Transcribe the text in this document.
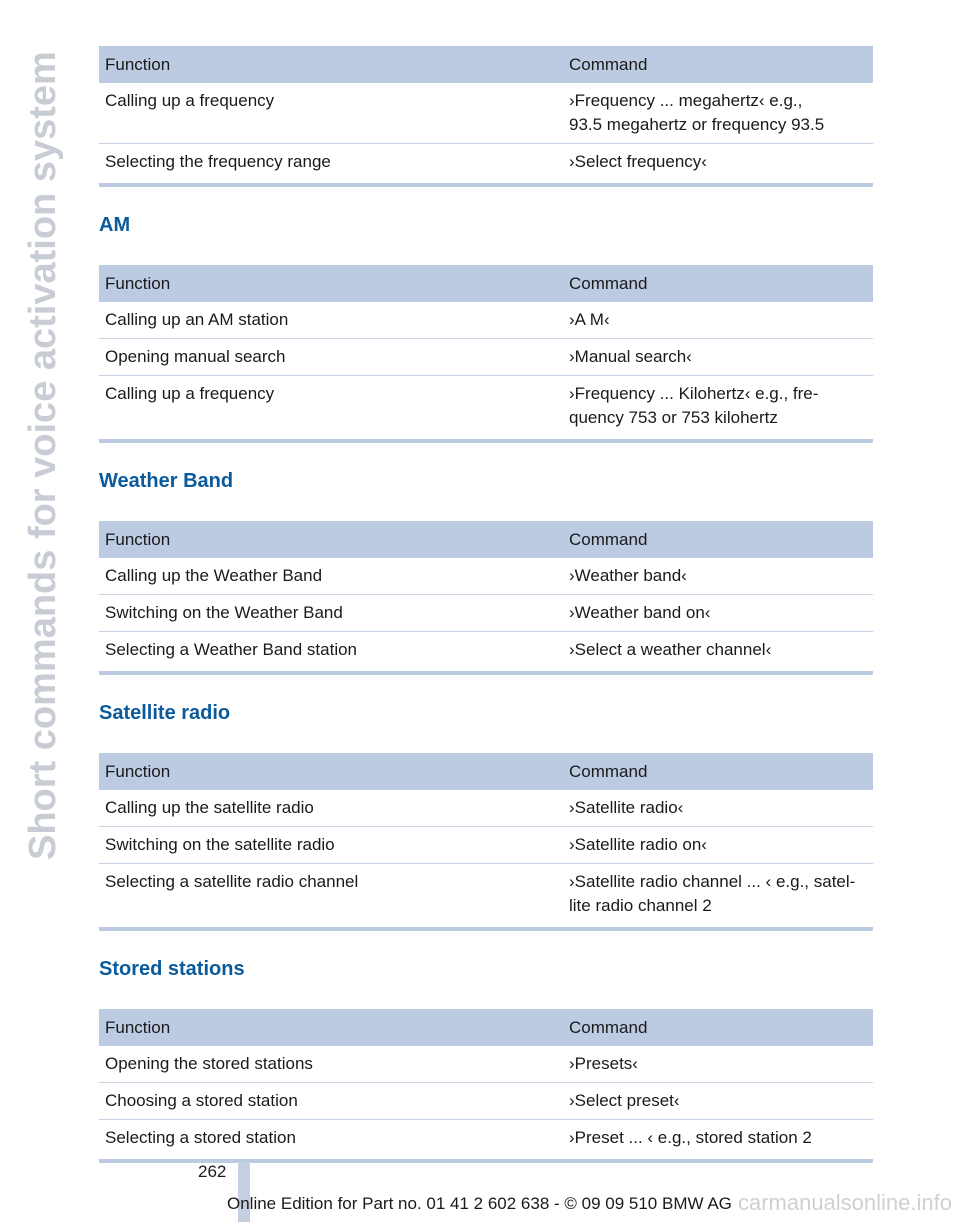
Short commands for voice activation system Function	Command
Calling up a frequency	›Frequency ... megahertz‹ e.g.,
93.5 megahertz or frequency 93.5
Selecting the frequency range	›Select frequency‹
AM
Function	Command
Calling up an AM station	›A M‹
Opening manual search	›Manual search‹
Calling up a frequency	›Frequency ... Kilohertz‹ e.g., fre-
quency 753 or 753 kilohertz
Weather Band
Function	Command
Calling up the Weather Band	›Weather band‹
Switching on the Weather Band	›Weather band on‹
Selecting a Weather Band station	›Select a weather channel‹
Satellite radio
Function	Command
Calling up the satellite radio	›Satellite radio‹
Switching on the satellite radio	›Satellite radio on‹
Selecting a satellite radio channel	›Satellite radio channel ... ‹ e.g., satel-
lite radio channel 2
Stored stations
Function	Command
Opening the stored stations	›Presets‹
Choosing a stored station	›Select preset‹
Selecting a stored station	›Preset ... ‹ e.g., stored station 2
262
Online Edition for Part no. 01 41 2 602 638 - © 09 09 510 BMW AG carmanualsonline.info
